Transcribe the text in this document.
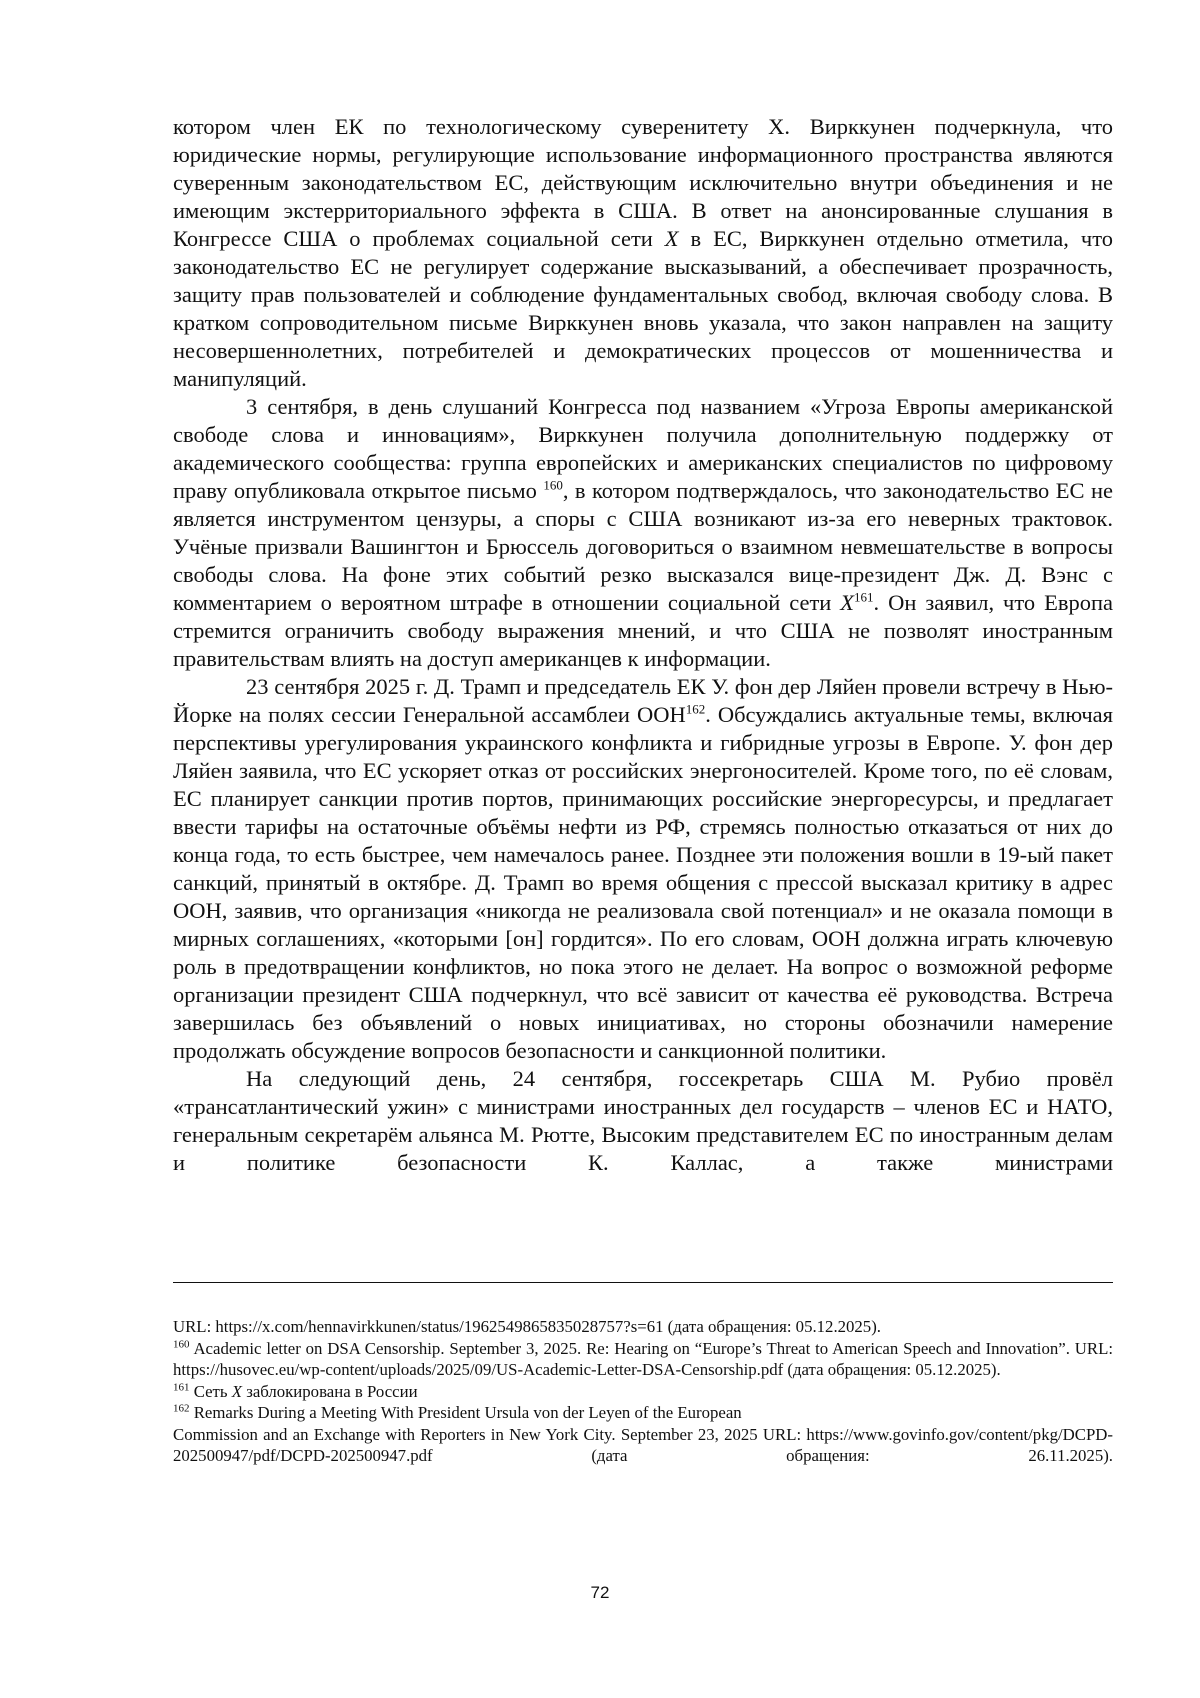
котором член ЕК по технологическому суверенитету Х. Вирккунен подчеркнула, что юридические нормы, регулирующие использование информационного пространства являются суверенным законодательством ЕС, действующим исключительно внутри объединения и не имеющим экстерриториального эффекта в США. В ответ на анонсированные слушания в Конгрессе США о проблемах социальной сети X в ЕС, Вирккунен отдельно отметила, что законодательство ЕС не регулирует содержание высказываний, а обеспечивает прозрачность, защиту прав пользователей и соблюдение фундаментальных свобод, включая свободу слова. В кратком сопроводительном письме Вирккунен вновь указала, что закон направлен на защиту несовершеннолетних, потребителей и демократических процессов от мошенничества и манипуляций.

3 сентября, в день слушаний Конгресса под названием «Угроза Европы американской свободе слова и инновациям», Вирккунен получила дополнительную поддержку от академического сообщества: группа европейских и американских специалистов по цифровому праву опубликовала открытое письмо $^{160}$, в котором подтверждалось, что законодательство ЕС не является инструментом цензуры, а споры с США возникают из-за его неверных трактовок. Учёные призвали Вашингтон и Брюссель договориться о взаимном невмешательстве в вопросы свободы слова. На фоне этих событий резко высказался вице-президент Дж. Д. Вэнс с комментарием о вероятном штрафе в отношении социальной сети X$^{161}$. Он заявил, что Европа стремится ограничить свободу выражения мнений, и что США не позволят иностранным правительствам влиять на доступ американцев к информации.

23 сентября 2025 г. Д. Трамп и председатель ЕК У. фон дер Ляйен провели встречу в Нью-Йорке на полях сессии Генеральной ассамблеи ООН$^{162}$. Обсуждались актуальные темы, включая перспективы урегулирования украинского конфликта и гибридные угрозы в Европе. У. фон дер Ляйен заявила, что ЕС ускоряет отказ от российских энергоносителей. Кроме того, по её словам, ЕС планирует санкции против портов, принимающих российские энергоресурсы, и предлагает ввести тарифы на остаточные объёмы нефти из РФ, стремясь полностью отказаться от них до конца года, то есть быстрее, чем намечалось ранее. Позднее эти положения вошли в 19-ый пакет санкций, принятый в октябре. Д. Трамп во время общения с прессой высказал критику в адрес ООН, заявив, что организация «никогда не реализовала свой потенциал» и не оказала помощи в мирных соглашениях, «которыми [он] гордится». По его словам, ООН должна играть ключевую роль в предотвращении конфликтов, но пока этого не делает. На вопрос о возможной реформе организации президент США подчеркнул, что всё зависит от качества её руководства. Встреча завершилась без объявлений о новых инициативах, но стороны обозначили намерение продолжать обсуждение вопросов безопасности и санкционной политики.

На следующий день, 24 сентября, госсекретарь США М. Рубио провёл «трансатлантический ужин» с министрами иностранных дел государств – членов ЕС и НАТО, генеральным секретарём альянса М. Рютте, Высоким представителем ЕС по иностранным делам и политике безопасности К. Каллас, а также министрами

URL: https://x.com/hennavirkkunen/status/1962549865835028757?s=61 (дата обращения: 05.12.2025).

$^{160}$ Academic letter on DSA Censorship. September 3, 2025. Re: Hearing on “Europe’s Threat to American Speech and Innovation”. URL: https://husovec.eu/wp-content/uploads/2025/09/US-Academic-Letter-DSA-Censorship.pdf (дата обращения: 05.12.2025).

$^{161}$ Сеть X заблокирована в России

$^{162}$ Remarks During a Meeting With President Ursula von der Leyen of the European

Commission and an Exchange with Reporters in New York City. September 23, 2025 URL: https://www.govinfo.gov/content/pkg/DCPD-202500947/pdf/DCPD-202500947.pdf (дата обращения: 26.11.2025).

72
